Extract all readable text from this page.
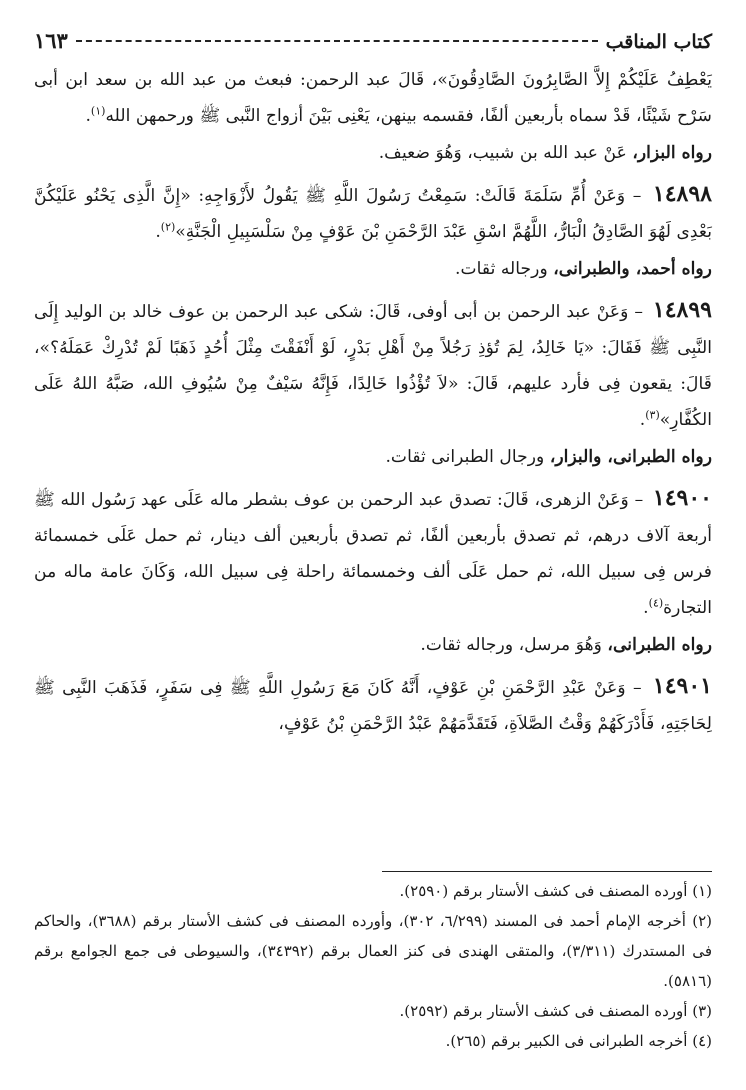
كتاب المناقب
١٦٣

يَعْطِفُ عَلَيْكُمْ إِلاَّ الصَّابِرُونَ الصَّادِقُونَ»، قَالَ عبد الرحمن: فبعث من عبد الله بن سعد ابن أبى سَرْح شَيْئًا، قَدْ سماه بأربعين ألفًا، فقسمه بينهن، يَعْنِى بَيْنَ أزواج النَّبى ﷺ ورحمهن الله$^{(١)}$.

رواه البزار، عَنْ عبد الله بن شبيب، وَهُوَ ضعيف.

١٤٨٩٨ – وَعَنْ أُمِّ سَلَمَةَ قَالَتْ: سَمِعْتُ رَسُولَ اللَّهِ ﷺ يَقُولُ لأَزْوَاجِهِ: «إِنَّ الَّذِى يَحْنُو عَلَيْكُنَّ بَعْدِى لَهُوَ الصَّادِقُ الْبَارُّ، اللَّهُمَّ اسْقِ عَبْدَ الرَّحْمَنِ بْنَ عَوْفٍ مِنْ سَلْسَبِيلِ الْجَنَّةِ»$^{(٢)}$.

رواه أحمد، والطبرانى، ورجاله ثقات.

١٤٨٩٩ – وَعَنْ عبد الرحمن بن أبى أوفى، قَالَ: شكى عبد الرحمن بن عوف خالد بن الوليد إِلَى النَّبِى ﷺ فَقَالَ: «يَا خَالِدُ، لِمَ تُؤذِ رَجُلاً مِنْ أَهْلِ بَدْرٍ، لَوْ أَنْفَقْتَ مِثْلَ أُحُدٍ ذَهَبًا لَمْ تُدْرِكْ عَمَلَهُ؟»، قَالَ: يقعون فِى فأرد عليهم، قَالَ: «لاَ تُؤْذُوا خَالِدًا، فَإِنَّهُ سَيْفٌ مِنْ سُيُوفِ الله، صَبَّهُ اللهُ عَلَى الكُفَّارِ»$^{(٣)}$.

رواه الطبرانى، والبزار، ورجال الطبرانى ثقات.

١٤٩٠٠ – وَعَنْ الزهرى، قَالَ: تصدق عبد الرحمن بن عوف بشطر ماله عَلَى عهد رَسُول الله ﷺ أربعة آلاف درهم، ثم تصدق بأربعين ألفًا، ثم تصدق بأربعين ألف دينار، ثم حمل عَلَى خمسمائة فرس فِى سبيل الله، ثم حمل عَلَى ألف وخمسمائة راحلة فِى سبيل الله، وَكَانَ عامة ماله من التجارة$^{(٤)}$.

رواه الطبرانى، وَهُوَ مرسل، ورجاله ثقات.

١٤٩٠١ – وَعَنْ عَبْدِ الرَّحْمَنِ بْنِ عَوْفٍ، أَنَّهُ كَانَ مَعَ رَسُولِ اللَّهِ ﷺ فِى سَفَرٍ، فَذَهَبَ النَّبِى ﷺ لِحَاجَتِهِ، فَأَدْرَكَهُمْ وَقْتُ الصَّلاَةِ، فَتَقَدَّمَهُمْ عَبْدُ الرَّحْمَنِ بْنُ عَوْفٍ،

(١) أورده المصنف فى كشف الأستار برقم (٢٥٩٠).

(٢) أخرجه الإمام أحمد فى المسند (٦/٢٩٩، ٣٠٢)، وأورده المصنف فى كشف الأستار برقم (٣٦٨٨)، والحاكم فى المستدرك (٣/٣١١)، والمتقى الهندى فى كنز العمال برقم (٣٤٣٩٢)، والسيوطى فى جمع الجوامع برقم (٥٨١٦).

(٣) أورده المصنف فى كشف الأستار برقم (٢٥٩٢).

(٤) أخرجه الطبرانى فى الكبير برقم (٢٦٥).
